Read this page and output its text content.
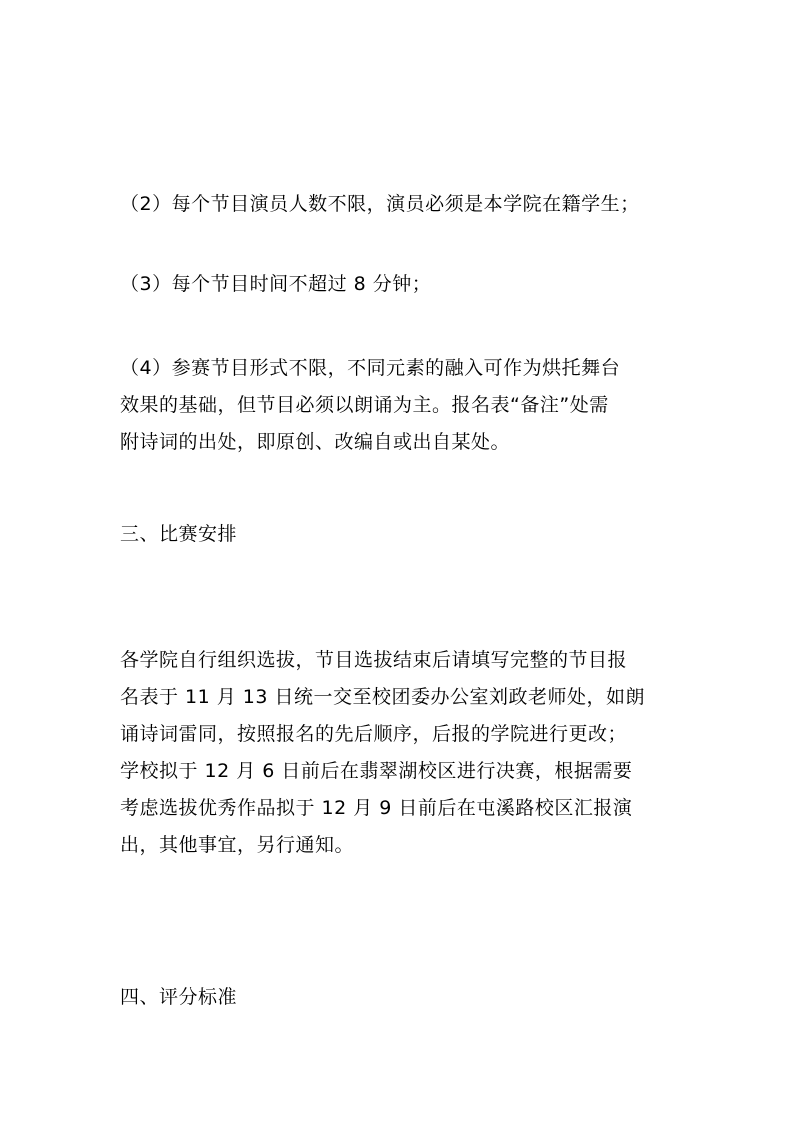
（2）每个节目演员人数不限，演员必须是本学院在籍学生；
（3）每个节目时间不超过 8 分钟；
（4）参赛节目形式不限，不同元素的融入可作为烘托舞台
效果的基础，但节目必须以朗诵为主。报名表“备注”处需
附诗词的出处，即原创、改编自或出自某处。
三、比赛安排
各学院自行组织选拔，节目选拔结束后请填写完整的节目报
名表于 11 月 13 日统一交至校团委办公室刘政老师处，如朗
诵诗词雷同，按照报名的先后顺序，后报的学院进行更改；
学校拟于 12 月 6 日前后在翡翠湖校区进行决赛，根据需要
考虑选拔优秀作品拟于 12 月 9 日前后在屯溪路校区汇报演
出，其他事宜，另行通知。
四、评分标准
